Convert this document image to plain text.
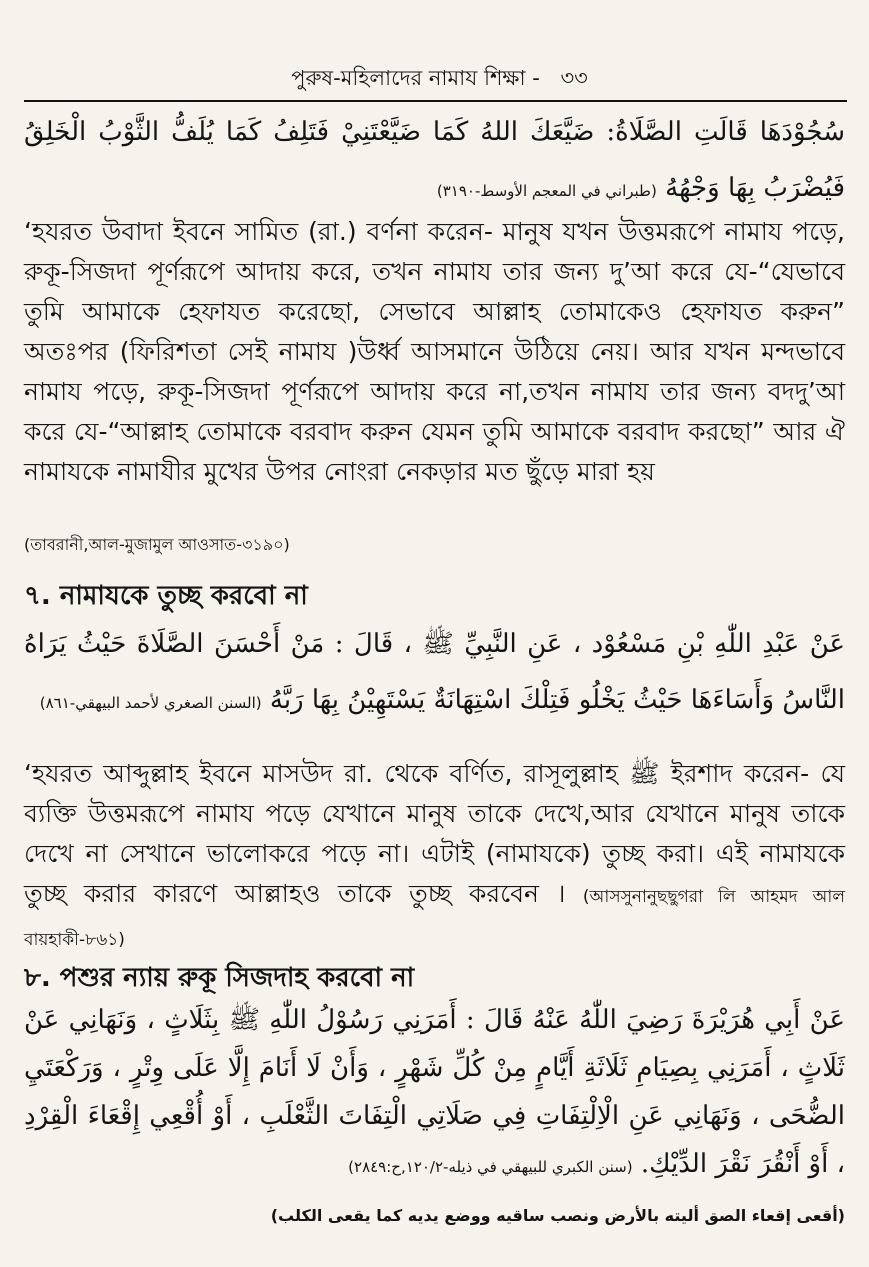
পুরুষ-মহিলাদের নামায শিক্ষা - ৩৩
سُجُوْدَهَا قَالَتِ الصَّلَاةُ: ضَيَّعَكَ اللهُ كَمَا ضَيَّعْتَنِيْ فَتَلِفُ كَمَا يُلَفُّ الثَّوْبُ الْخَلِقُ فَيُضْرَبُ بِهَا وَجْهُهُ (طبراني في المعجم الأوسط-٣١٩٠)
‘হযরত উবাদা ইবনে সামিত (রা.) বর্ণনা করেন- মানুষ যখন উত্তমরূপে নামায পড়ে, রুকূ-সিজদা পূর্ণরূপে আদায় করে, তখন নামায তার জন্য দু’আ করে যে-“যেভাবে তুমি আমাকে হেফাযত করেছো, সেভাবে আল্লাহ তোমাকেও হেফাযত করুন” অতঃপর (ফিরিশতা সেই নামায )উর্ধ্ব আসমানে উঠিয়ে নেয়। আর যখন মন্দভাবে নামায পড়ে, রুকূ-সিজদা পূর্ণরূপে আদায় করে না,তখন নামায তার জন্য বদদু’আ করে যে-“আল্লাহ তোমাকে বরবাদ করুন যেমন তুমি আমাকে বরবাদ করছো” আর ঐ নামাযকে নামাযীর মুখের উপর নোংরা নেকড়ার মত ছুঁড়ে মারা হয়
(তাবরানী,আল-মুজামুল আওসাত-৩১৯০)
৭. নামাযকে তুচ্ছ করবো না
عَنْ عَبْدِ اللّٰهِ بْنِ مَسْعُوْد ، عَنِ النَّبِيِّ ﷺ ، قَالَ : مَنْ أَحْسَنَ الصَّلَاةَ حَيْثُ يَرَاهُ النَّاسُ وَأَسَاءَهَا حَيْثُ يَخْلُو فَتِلْكَ اسْتِهَانَةٌ يَسْتَهِيْنُ بِهَا رَبَّهُ (السنن الصغري لأحمد البيهقي-٨٦١)
‘হযরত আব্দুল্লাহ ইবনে মাসউদ রা. থেকে বর্ণিত, রাসূলুল্লাহ ﷺ ইরশাদ করেন- যে ব্যক্তি উত্তমরূপে নামায পড়ে যেখানে মানুষ তাকে দেখে,আর যেখানে মানুষ তাকে দেখে না সেখানে ভালোকরে পড়ে না। এটাই (নামাযকে) তুচ্ছ করা। এই নামাযকে তুচ্ছ করার কারণে আল্লাহও তাকে তুচ্ছ করবেন । (আসসুনানুছছুগরা লি আহমদ আল বায়হাকী-৮৬১)
৮. পশুর ন্যায় রুকূ সিজদাহ করবো না
عَنْ أَبِي هُرَيْرَةَ رَضِيَ اللّٰهُ عَنْهُ قَالَ : أَمَرَنِي رَسُوْلُ اللّٰهِ ﷺ بِثَلَاثٍ ، وَنَهَانِي عَنْ ثَلَاثٍ ، أَمَرَنِي بِصِيَامِ ثَلَاثَةِ أَيَّامٍ مِنْ كُلِّ شَهْرٍ ، وَأَنْ لَا أَنَامَ إِلَّا عَلَى وِتْرٍ ، وَرَكْعَتَيِ الضُّحَى ، وَنَهَانِي عَنِ الْاِلْتِفَاتِ فِي صَلَاتِي الْتِفَاتَ الثَّعْلَبِ ، أَوْ أُقْعِي إِقْعَاءَ الْقِرْدِ ، أَوْ أَنْقُرَ نَقْرَ الدِّيْكِ. (سنن الكبري للبيهقي في ذيله-١٢٠/٢,ح:٢٨٤٩)
(أقعى إقعاء الصق أليته بالأرض ونصب ساقيه ووضع يديه كما يقعى الكلب)
